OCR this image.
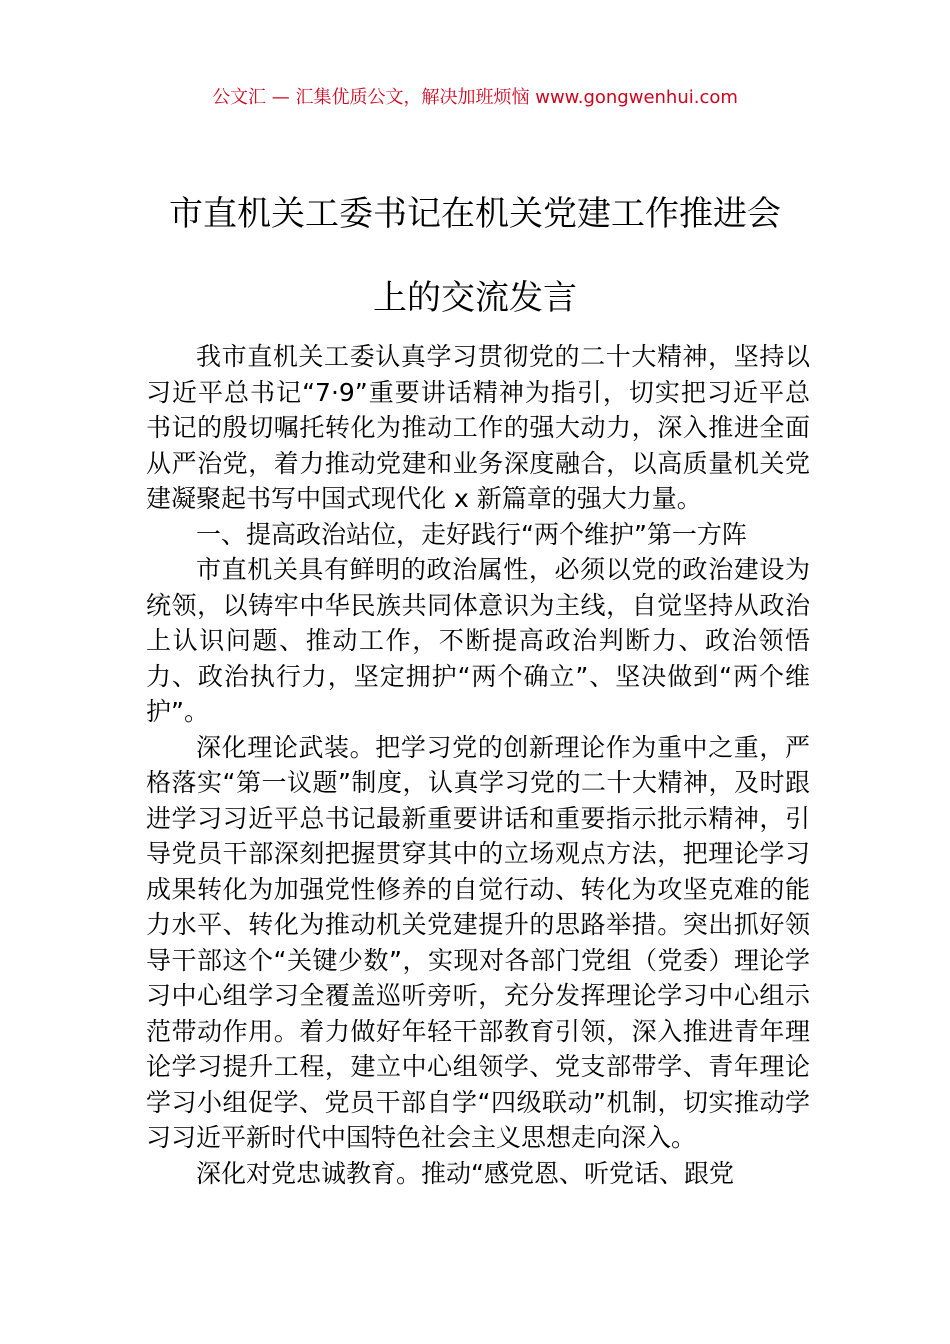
公文汇 — 汇集优质公文，解决加班烦恼 www.gongwenhui.com
市直机关工委书记在机关党建工作推进会
上的交流发言

我市直机关工委认真学习贯彻党的二十大精神，坚持以习近平总书记“7·9”重要讲话精神为指引，切实把习近平总书记的殷切嘱托转化为推动工作的强大动力，深入推进全面从严治党，着力推动党建和业务深度融合，以高质量机关党建凝聚起书写中国式现代化 x 新篇章的强大力量。

一、提高政治站位，走好践行“两个维护”第一方阵

市直机关具有鲜明的政治属性，必须以党的政治建设为统领，以铸牢中华民族共同体意识为主线，自觉坚持从政治上认识问题、推动工作，不断提高政治判断力、政治领悟力、政治执行力，坚定拥护“两个确立”、坚决做到“两个维护”。

深化理论武装。把学习党的创新理论作为重中之重，严格落实“第一议题”制度，认真学习党的二十大精神，及时跟进学习习近平总书记最新重要讲话和重要指示批示精神，引导党员干部深刻把握贯穿其中的立场观点方法，把理论学习成果转化为加强党性修养的自觉行动、转化为攻坚克难的能力水平、转化为推动机关党建提升的思路举措。突出抓好领导干部这个“关键少数”，实现对各部门党组（党委）理论学习中心组学习全覆盖巡听旁听，充分发挥理论学习中心组示范带动作用。着力做好年轻干部教育引领，深入推进青年理论学习提升工程，建立中心组领学、党支部带学、青年理论学习小组促学、党员干部自学“四级联动”机制，切实推动学习习近平新时代中国特色社会主义思想走向深入。

深化对党忠诚教育。推动“感党恩、听党话、跟党
